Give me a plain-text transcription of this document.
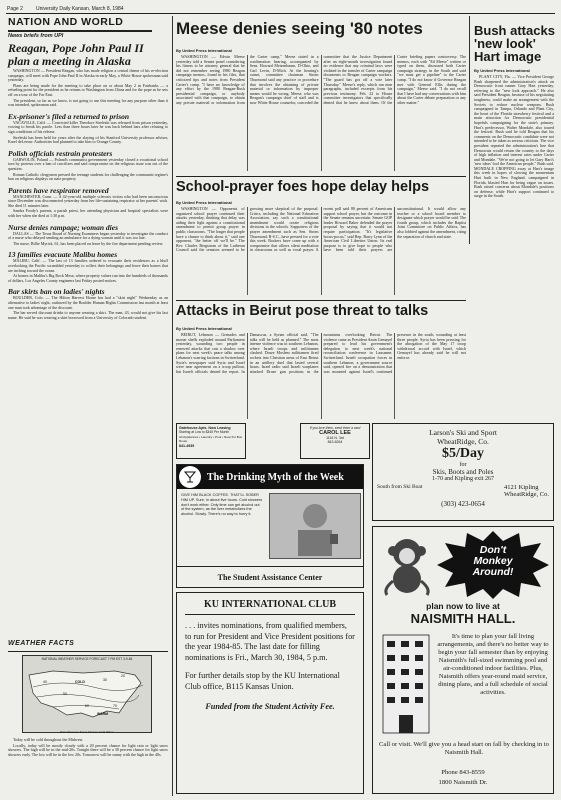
Page 2	University Daily Kansan, March 8, 1984
NATION AND WORLD
News briefs from UPI
Reagan, Pope John Paul II plan a meeting in Alaska

WASHINGTON — President Reagan, who has made religion a central theme of his re-election campaign, will meet with Pope John Paul II in Alaska in early May, a White House spokesman said yesterday.

Plans are being made for the meeting to take place on or about May 2 in Fairbanks — a refueling point for the president as he returns to Washington from China and for the pope as he sets off on a tour of the Far East.

The president, so far as we know, is not going to use this meeting for any purpose other than it was intended, spokesman said.

Ex-prisoner's filed a returned to prison

VACAVILLE, Calif. — Convicted killer Theodore Streleski was released from prison yesterday, vowing to break his parole. Less than three hours later he was back behind bars after refusing to sign conditions of his release.

Streleski has been held for years after the slaying of his Stanford University professor adviser, Karel deLeeuw. Authorities had planned to take him to Orange County.

Polish officials restrain protesters

GARWOLIN, Poland — Poland's communist government yesterday closed a vocational school torn by protests over a ban of crucifixes and said compromise on the religious issue was out of the question.

Roman Catholic clergymen pressed the teenage students for challenging the communist regime's ban on religious displays on state property.

Parents have respirator removed

MANCHESTER, Conn. — A 42-year-old multiple sclerosis victim who had been unconscious since December was disconnected yesterday from her life-sustaining respirator at her parents' wish. She died 11 minutes later.

Sandra Foody's parents, a parish priest, her attending physician and hospital specialists were with her when she died at 1:30 p.m.

Nurse denies rampage; woman dies

DALLAS — The Texas Board of Nursing Examiners began yesterday to investigate the conduct of a nurse who delayed sending an ambulance for a dying woman until it was too late.

The nurse, Billie Myrick, 61, has been placed on leave by the fire department pending review.

13 families evacuate Malibu homes

MALIBU, Calif. — The last of 13 families ordered to evacuate their residences as a bluff overlooking the Pacific scrambled yesterday to collect their belongings and leave their homes that are inching toward the ocean.

At homes in Malibu's Big Rock Mesa, where property values run into the hundreds of thousands of dollars, Los Angeles County engineers last Friday posted notices.

Bar skirts ban on ladies' nights

BOULDER, Colo. — The Hilton Harvest House bar had a "skirt night" Wednesday as an alternative to ladies' night, outlawed by the Boulder Human Rights Commission last month at least one man took advantage of the discount.

The bar served discount drinks to anyone wearing a skirt. The man, 43, would not give his last name. He said he was wearing a skirt borrowed from a University of Colorado student.

WEATHER FACTS
NATIONAL WEATHER SERVICE FORECAST 7 PM EST 3-9-84
40
50
60	70
30
20
COLD
WARM
Rain Showers Snow Flurries Cold Warm

Today will be cold throughout the Midwest.

Locally, today will be mostly cloudy with a 20 percent chance for light rain or light snow showers. The high will be in the mid-20s. Tonight there will be a 30 percent chance for light snow showers early. The low will be in the low 20s. Tomorrow will be sunny with the high in the 40s.

Meese denies seeing '80 notes
By United Press International

WASHINGTON — Edwin Meese yesterday told a Senate panel considering his fitness to be attorney general that he did not remember seeing 1980 Reagan campaign memos, found in his files, that criticized tips and notes from President Carter's camp. "I have no knowledge of any effort by the 1980 Reagan-Bush presidential campaign, or anybody associated with that campaign, to obtain any private material or information from the Carter camp," Meese stated in a confirmation hearing, accompanied by Sens. Howard Metzenbaum, D-Ohio, and Carl Levin, D-Mich. At the hearing's outset, committee chairman Strom Thurmond said any practice or procedure that involves the obtaining of private material or information by improper means would be wrong. Meese, who was Reagan's campaign chief of staff and is now White House counselor, conceded the committee that the Justice Department after an eight-month investigation found no evidence that any criminal laws were violated in the transfer of Carter campaign documents to Reagan campaign workers. "The guard has got off a vote later Thursday." Meese's reply, which ran nine paragraphs, included excerpts from his previous testimony. Feb. 22 to House committee investigators that specifically denied that he knew about them. Of the Carter briefing papers controversy. The memos, each with "Ed Meese" written or typed on them, discussed both Carter campaign strategy in the South and said "we must get a pipeline" to the Carter camp. "I do not know if Governor Reagan met with General Ellis during the campaign," Meese said. "I do not recall that I have had any conversations with him about the Carter debate preparation or any other matter."

Bush attacks 'new look' Hart image
By United Press International

PLANT CITY, Fla. — Vice President George Bush sharpened the administration's attack on Democratic front runner Gary Hart yesterday, referring to the "new look approach." He also said President Reagan, because of his negotiating toughness, could make an arrangement with the Soviets to reduce nuclear weapons. Bush campaigned in Tampa, Orlando and Plant City, the heart of the Florida strawberry festival and a main attraction for Democratic presidential hopefuls campaigning for the state's primary. Hart's predecessor, Walter Mondale, also toured the festival. Bush said he told Reagan that his comments on the Democratic candidate were not intended to be taken as serious criticism. The vice president repeated the administration's line that Democrats would return the country to the days of high inflation and interest rates under Carter and Mondale. "We're not going to let Gary Hart's 'new ideas' fool the American people," Bush said. MONDALE CROPPING away at Hart's image this week in hopes of slowing the momentum Hart built in New England, campaigned in Florida, blasted Hart for being vague on issues. Bush raised concerns about Mondale's positions on defense, while Hart's support continued to surge in the South.

School-prayer foes hope delay helps
By United Press International

WASHINGTON — Opponents of organized school prayer continued their attacks yesterday, thinking that delay was aiding their fight against a constitutional amendment to permit group prayer in public classrooms. "The longer that people have a chance to think about it," said one opponent, "the better off we'll be." The Rev. Charles Bergstrom of the Lutheran Council said the senators seemed to be growing more skeptical of the proposal. Critics, including the National Education Association, say such a constitutional amendment would create religious divisions in the schools. Supporters of the prayer amendment such as Sen. Strom Thurmond, R-S.C., have pressed for a vote this week. Backers have come up with a compromise that allows silent meditation in classrooms as well as vocal prayer. A recent poll said 80 percent of Americans support school prayer, but the outcome in the Senate remains uncertain. Senate GOP leader Howard Baker defended the prayer proposal by saying that it would not require participation. "It's legislative hocus-pocus," said Rep. Barry Lynn of the American Civil Liberties Union. Its real purpose is to give hope to people who have been told their prayers are unconstitutional. It would allow any teacher or a school board member to designate which prayer would be said. The fourth group, which includes the Baptist Joint Committee on Public Affairs, has also lobbied against the amendment, citing the separation of church and state.

Attacks in Beirut pose threat to talks
By United Press International

BEIRUT, Lebanon — Grenades and mortar shells exploded around Parliament yesterday, wounding two people in renewed attacks that cast a shadow over plans for next week's peace talks among Lebanon's warring factions in Switzerland. Syria's newspaper said Syria and Israel were near agreement on a troop pullout, but Israeli officials denied the report. In Damascus, a Syrian official said, "The talks will be held as planned." The most intense violence was in southern Lebanon, where Israeli troops and militiamen clashed. Druze Moslem militiamen fired rockets into Christian areas of East Beirut in an artillery duel that lasted several hours. Israel radio said Israeli warplanes attacked Druze gun positions in the mountains overlooking Beirut. The violence came as President Amin Gemayel prepared to lead his government's delegation to next week's national reconciliation conference in Lausanne, Switzerland. Israeli occupation forces in southern Lebanon, a government source said, opened fire on a demonstration that was mounted against Israel's continued presence in the south, wounding at least three people. Syria has been pressing for the abrogation of the May 17 troop withdrawal accord with Israel, which Gemayel has already said he will not enforce.

Gatehouse Apts. Now Leasing
Starting at Low to $345 Per Month
All Appliances • Laundry • Pool • Near KU Bus Route
841-4935
If you love them, send them a card
CAROL LEE
1116 N. 3rd
843-6264
The Drinking Myth of the Week
GIVE HIM BLACK COFFEE. THAT'LL SOBER HIM UP. Sure, in about five hours. Cold showers don't work either. Only time can get alcohol out of the system, as the liver metabolizes the alcohol. Slowly. There's no way to hurry it.
The Student Assistance Center
KU INTERNATIONAL CLUB
. . . invites nominations, from qualified members, to run for President and Vice President positions for the year 1984-85. The last date for filling nominations is Fri., March 30, 1984, 5 p.m.
For further details stop by the KU International Club office, B115 Kansas Union.
Funded from the Student Activity Fee.
Larson's Ski and Sport
WheatRidge, Co.
$5/Day
for
Skis, Boots and Poles
1-70 and Kipling exit 267
South from Ski Boat	4121 Kipling
WheatRidge, Co.
(303) 423-0654
Don't Monkey Around!
plan now to live at
NAISMITH HALL.
It's time to plan your fall living arrangements, and there's no better way to begin your fall semester than by enjoying Naismith's full-sized swimming pool and air-conditioned indoor facilities. Plus, Naismith offers year-round maid service, dining plans, and a full schedule of social activities.
Call or visit. We'll give you a head start on fall by checking in to Naismith Hall.
Phone 843-8559
1800 Naismith Dr.
